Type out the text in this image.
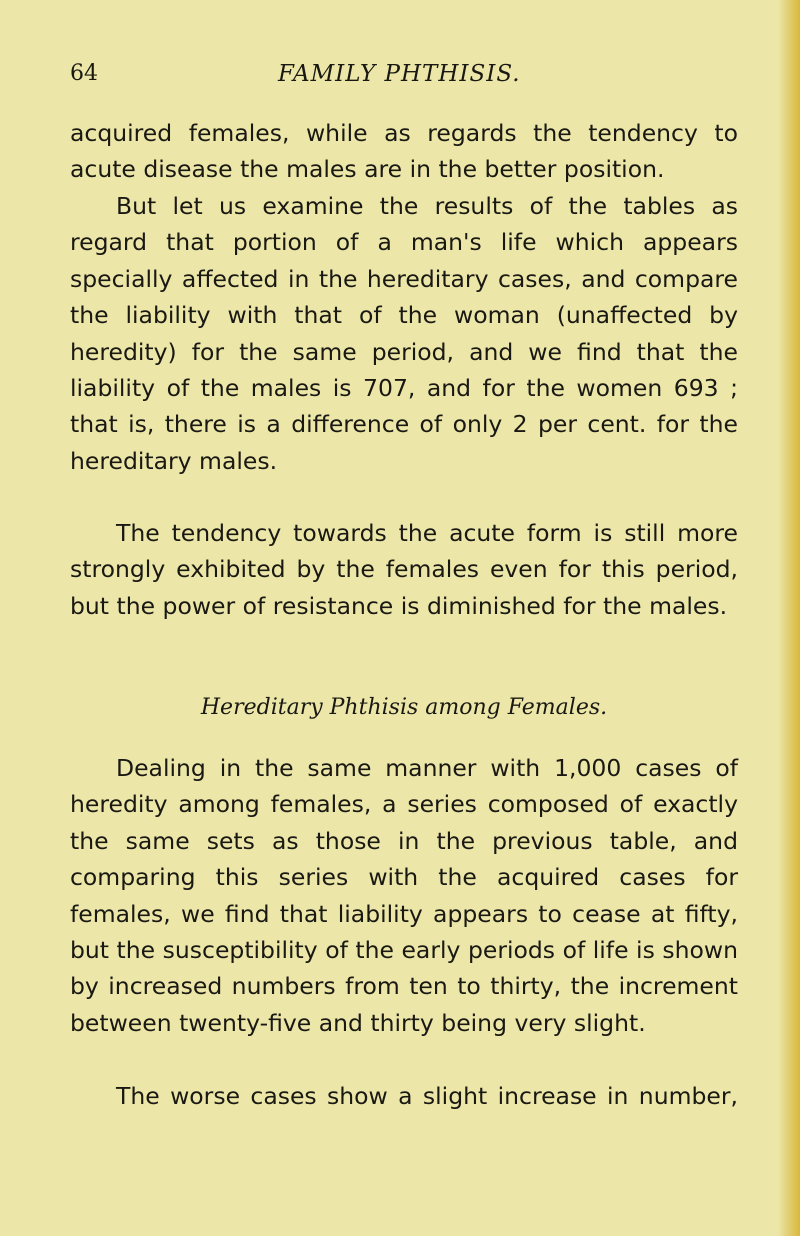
64	FAMILY PHTHISIS.

acquired females, while as regards the tendency to acute disease the males are in the better position.

But let us examine the results of the tables as regard that portion of a man's life which appears specially affected in the hereditary cases, and compare the liability with that of the woman (unaffected by heredity) for the same period, and we find that the liability of the males is 707, and for the women 693 ; that is, there is a difference of only 2 per cent. for the hereditary males.

The tendency towards the acute form is still more strongly exhibited by the females even for this period, but the power of resistance is diminished for the males.

Hereditary Phthisis among Females.

Dealing in the same manner with 1,000 cases of heredity among females, a series composed of exactly the same sets as those in the previous table, and comparing this series with the acquired cases for females, we find that liability appears to cease at fifty, but the susceptibility of the early periods of life is shown by increased numbers from ten to thirty, the increment between twenty-five and thirty being very slight.

The worse cases show a slight increase in number,
